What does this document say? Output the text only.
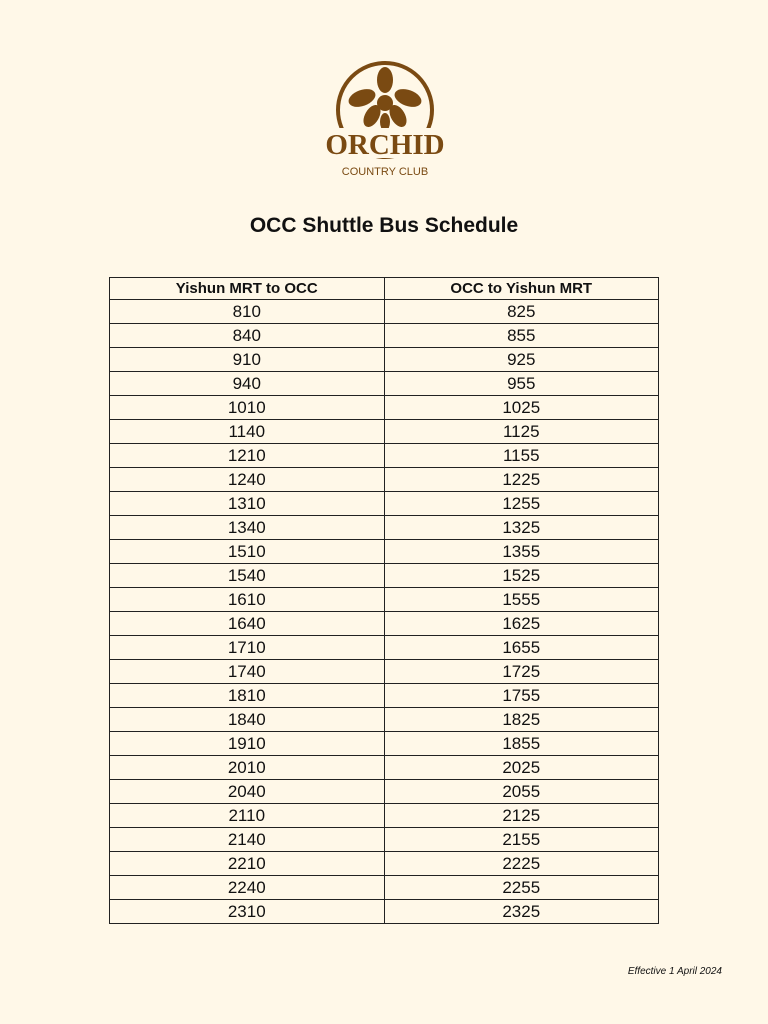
ORCHID
COUNTRY CLUB
OCC Shuttle Bus Schedule
Yishun MRT to OCC	OCC to Yishun MRT
810	825
840	855
910	925
940	955
1010	1025
1140	1125
1210	1155
1240	1225
1310	1255
1340	1325
1510	1355
1540	1525
1610	1555
1640	1625
1710	1655
1740	1725
1810	1755
1840	1825
1910	1855
2010	2025
2040	2055
2110	2125
2140	2155
2210	2225
2240	2255
2310	2325
Effective 1 April 2024
